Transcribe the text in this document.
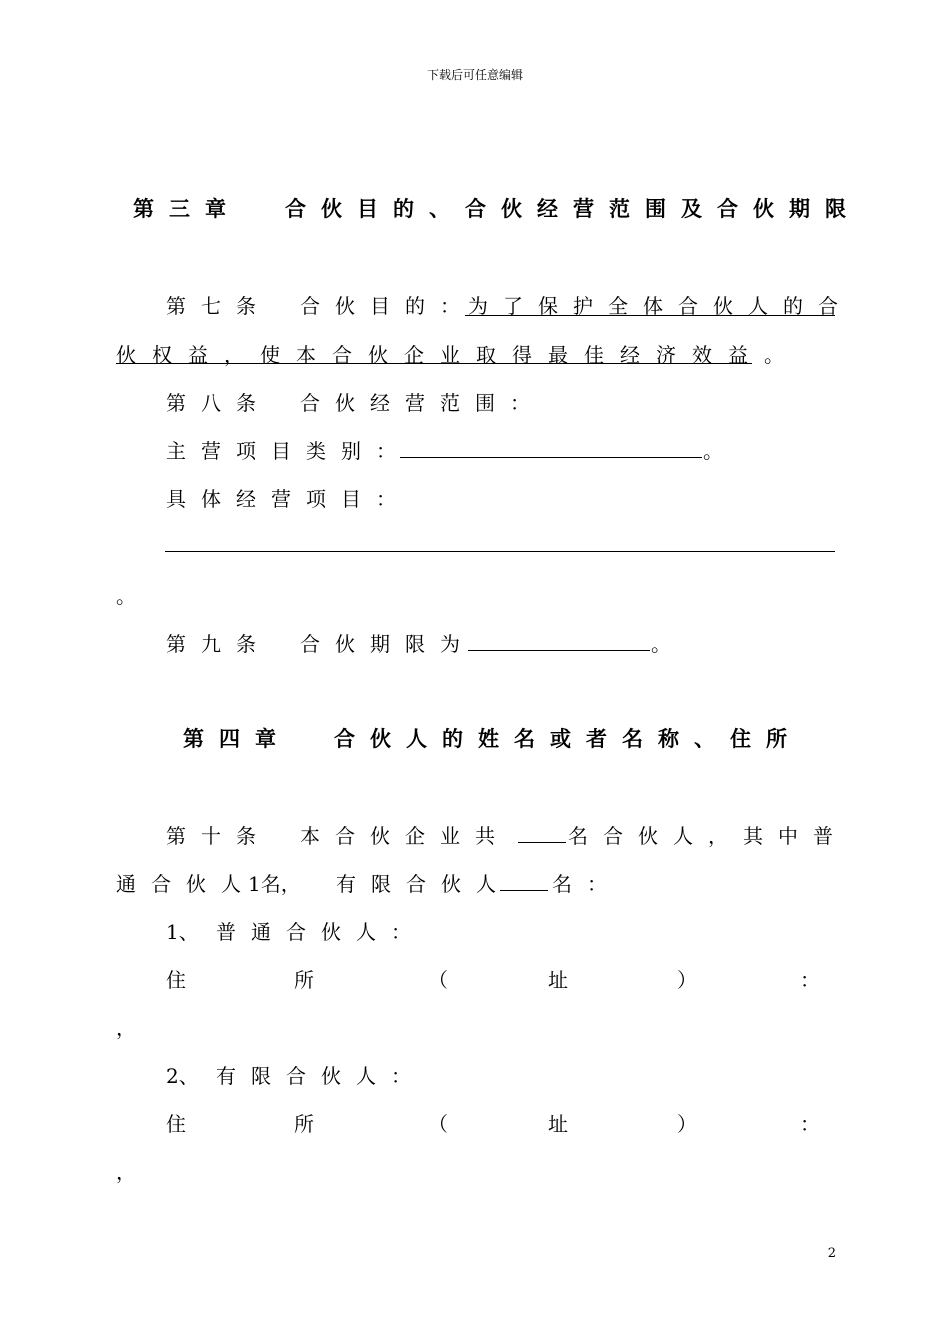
下载后可任意编辑
第三章 合伙目的、合伙经营范围及合伙期限
第七条 合伙目的：
为了保护全体合伙人的合
伙权益，使本合伙企业取得最佳经济效益。
第八条 合伙经营范围：
主营项目类别：	。
具体经营项目：
。
第九条 合伙期限为	。
第四章 合伙人的姓名或者名称、住所
第十条 本合伙企业共	名合伙人，其中普
通合伙人
1名， 有限合伙人 名：
1、 普通合伙人：
住	所	（	址	）	：
，
2、 有限合伙人：
住	所	（	址	）	：
，
2
